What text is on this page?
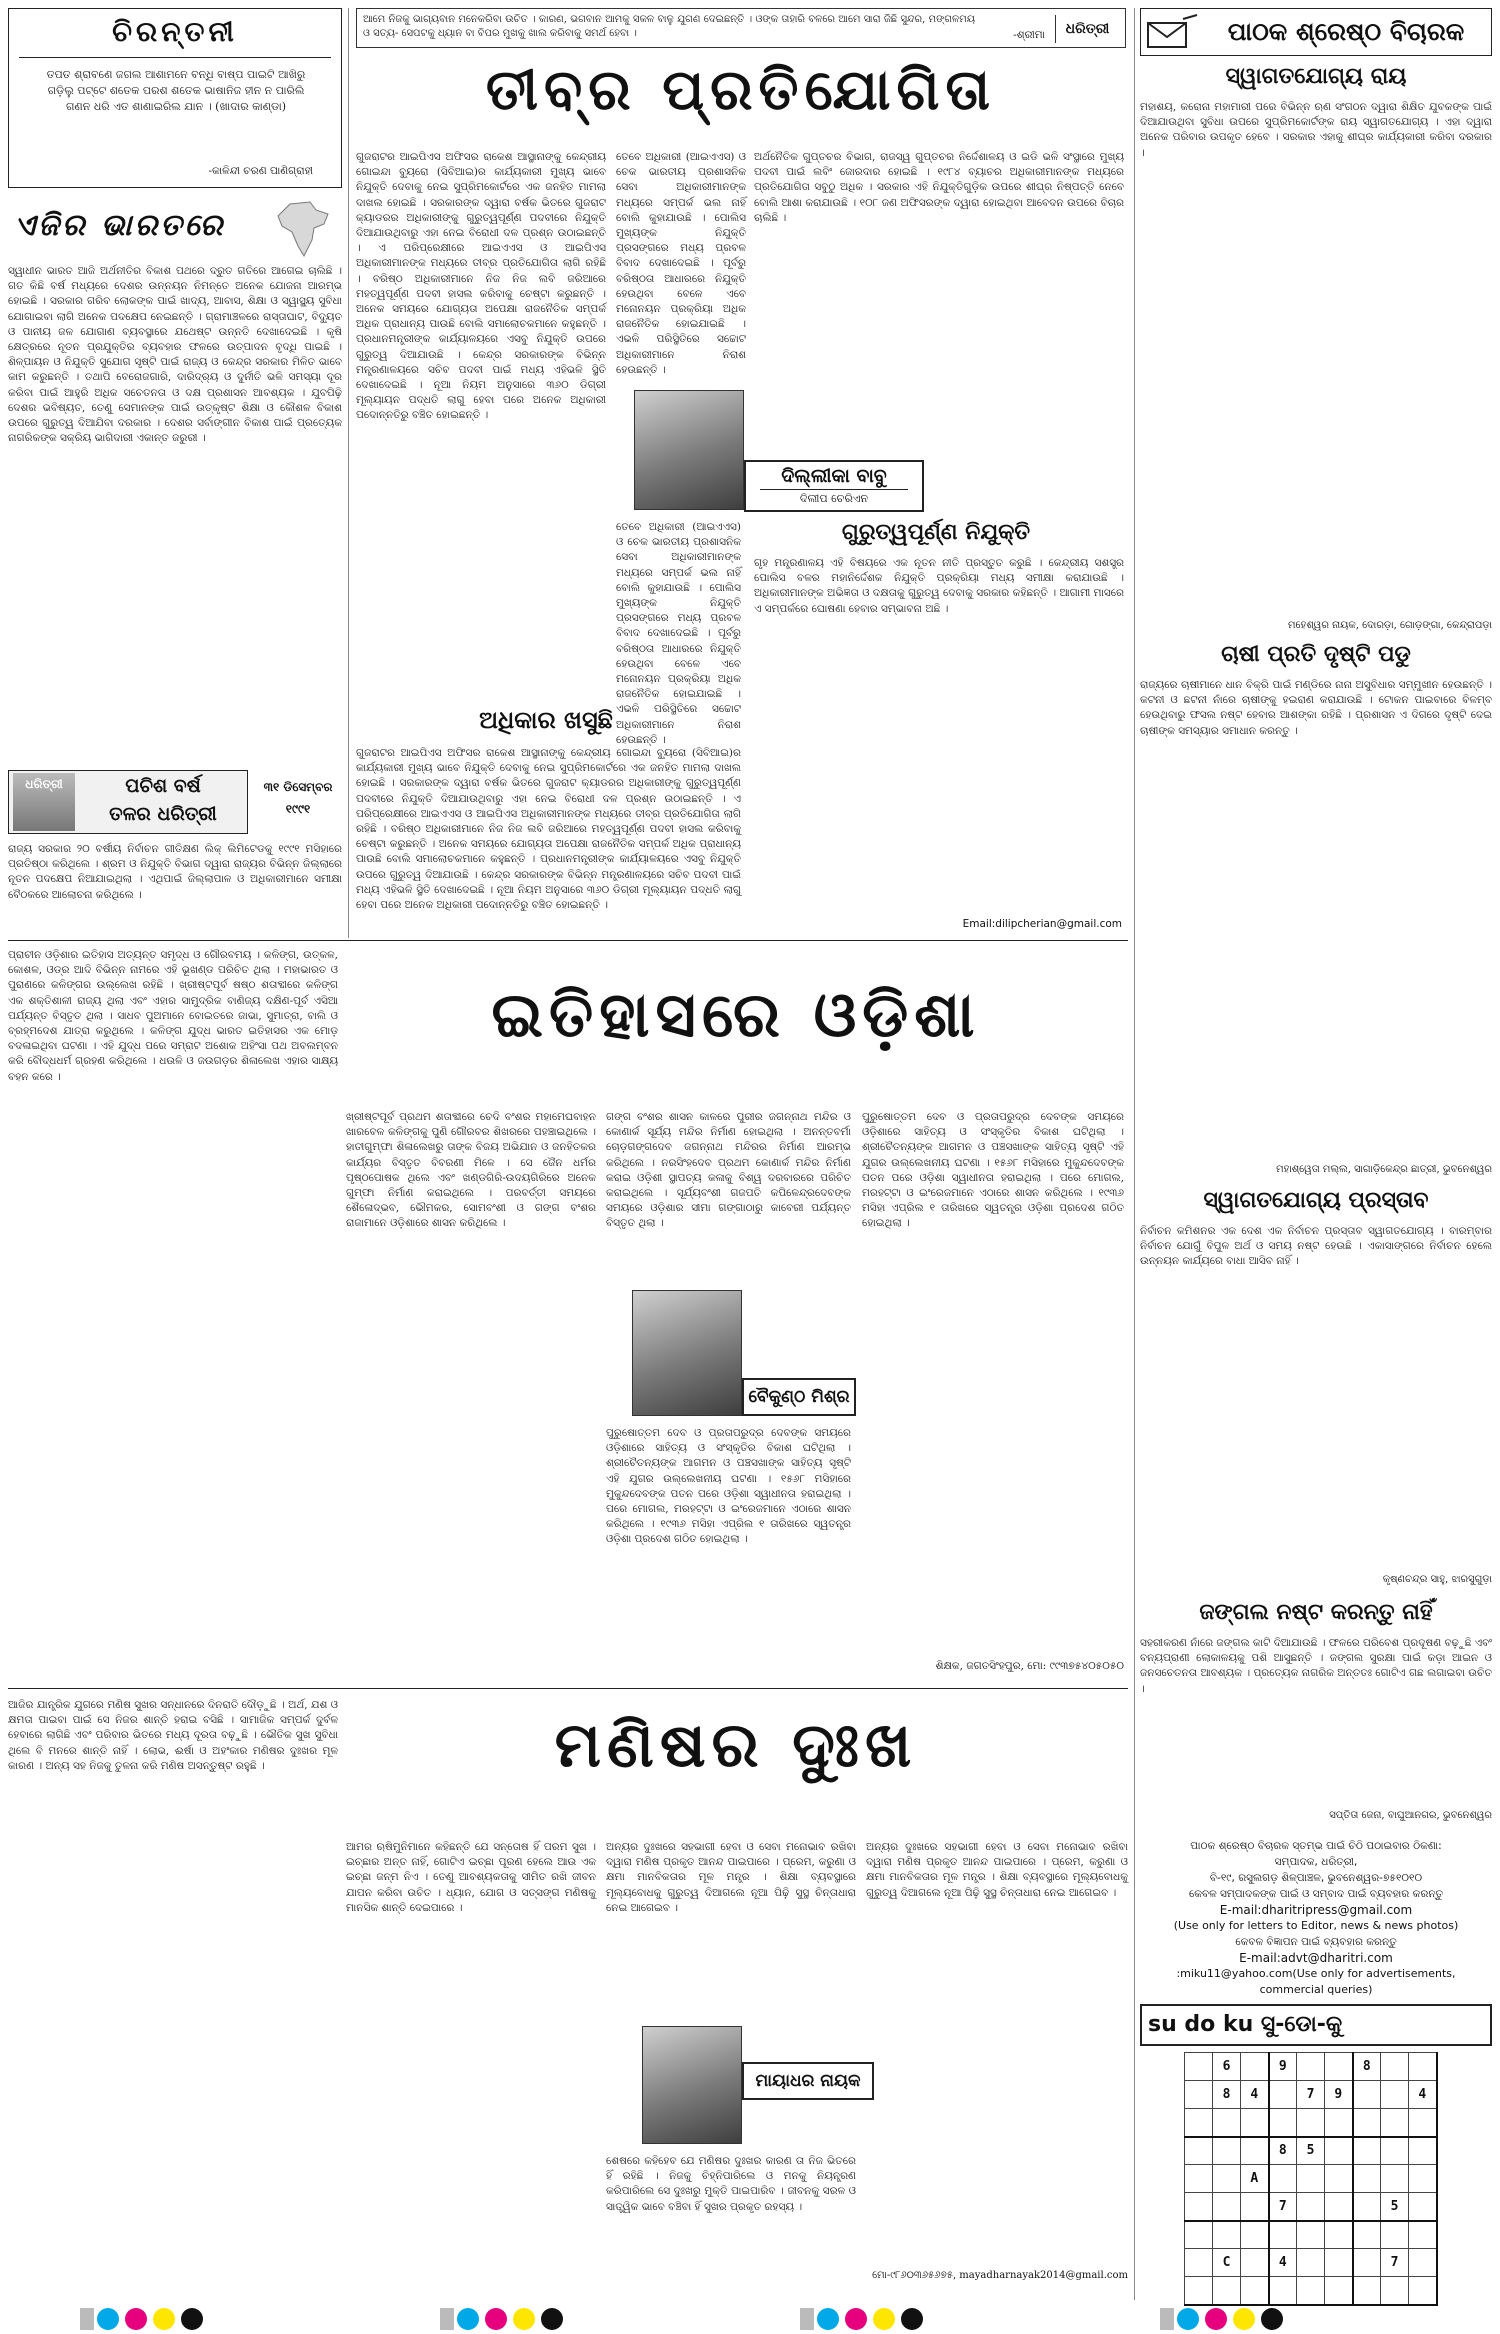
ଆମେ ନିଜକୁ ଭାଗ୍ୟବାନ ମନେକରିବା ଉଚିତ । କାରଣ, ଭଗବାନ ଆମକୁ ସକଳ ବାଳୁ ଯୁଗଣ ଦେଇଛନ୍ତି । ଓଙ୍କ ତାହାରି ବଳରେ ଆମେ ସାରା ଜିଛି ସୁନ୍ଦର, ମଙ୍ଗଳମୟ ଓ ସତ୍ୟ- ସେପଟକୁ ଧ୍ୟାନ ବା ବିପର ମୁଖକୁ ଖାଲ କରିବାକୁ ସମର୍ଥ ହେବା ।	-ଶ୍ରୀମା	ଧରିତ୍ରୀ
ଚିରନ୍ତନୀ
ତପତ ଶ୍ରାବଣେ ଜଗଲ ଆଶାମନେ ବନ୍ଧି ବାଷ୍ପ ପାଇଟି ଆଖିରୁ ଗଡ଼ିଲୁ ପଟ୍ଟେ ଶତେକ ପରଶ ଶତେକ ଭାଷାନିଜ ହୀନ ନ ପାରିଲି ଗଣନ ଧରି ଏତ ଶାଣାଇରିଲ ଯାନ । (ଖାଦାର କାଣ୍ଡା)
-କାଳିନ୍ଦୀ ଚରଣ ପାଣିଗ୍ରାହୀ
ଏଜିର ଭାରତରେ
ସ୍ୱାଧୀନ ଭାରତ ଆଜି ଅର୍ଥନୀତିର ବିକାଶ ପଥରେ ଦ୍ରୁତ ଗତିରେ ଆଗେଇ ଚାଲିଛି । ଗତ କିଛି ବର୍ଷ ମଧ୍ୟରେ ଦେଶର ଉନ୍ନୟନ ନିମନ୍ତେ ଅନେକ ଯୋଜନା ଆରମ୍ଭ ହୋଇଛି । ସରକାର ଗରିବ ଲୋକଙ୍କ ପାଇଁ ଖାଦ୍ୟ, ଆବାସ, ଶିକ୍ଷା ଓ ସ୍ୱାସ୍ଥ୍ୟ ସୁବିଧା ଯୋଗାଇବା ଲାଗି ଅନେକ ପଦକ୍ଷେପ ନେଇଛନ୍ତି । ଗ୍ରାମାଞ୍ଚଳରେ ରାସ୍ତାଘାଟ, ବିଦ୍ୟୁତ ଓ ପାନୀୟ ଜଳ ଯୋଗାଣ ବ୍ୟବସ୍ଥାରେ ଯଥେଷ୍ଟ ଉନ୍ନତି ଦେଖାଦେଇଛି । କୃଷି କ୍ଷେତ୍ରରେ ନୂତନ ପ୍ରଯୁକ୍ତିର ବ୍ୟବହାର ଫଳରେ ଉତ୍ପାଦନ ବୃଦ୍ଧି ପାଇଛି । ଶିଳ୍ପାୟନ ଓ ନିଯୁକ୍ତି ସୁଯୋଗ ସୃଷ୍ଟି ପାଇଁ ରାଜ୍ୟ ଓ କେନ୍ଦ୍ର ସରକାର ମିଳିତ ଭାବେ କାମ କରୁଛନ୍ତି । ତଥାପି ବେରୋଜଗାରି, ଦାରିଦ୍ର୍ୟ ଓ ଦୁର୍ନୀତି ଭଳି ସମସ୍ୟା ଦୂର କରିବା ପାଇଁ ଆହୁରି ଅଧିକ ସଚେତନତା ଓ ଦକ୍ଷ ପ୍ରଶାସନ ଆବଶ୍ୟକ । ଯୁବପିଢ଼ି ଦେଶର ଭବିଷ୍ୟତ, ତେଣୁ ସେମାନଙ୍କ ପାଇଁ ଉତ୍କୃଷ୍ଟ ଶିକ୍ଷା ଓ କୌଶଳ ବିକାଶ ଉପରେ ଗୁରୁତ୍ୱ ଦିଆଯିବା ଦରକାର । ଦେଶର ସର୍ବାଙ୍ଗୀନ ବିକାଶ ପାଇଁ ପ୍ରତ୍ୟେକ ନାଗରିକଙ୍କ ସକ୍ରିୟ ଭାଗିଦାରୀ ଏକାନ୍ତ ଜରୁରୀ ।
ଧରିତ୍ରୀ	ପଚିଶ ବର୍ଷ
ତଳର ଧରିତ୍ରୀ
୩୧ ଡିସେମ୍ବର
୧୯୯୧
ରାଜ୍ୟ ସରକାର ୨୦ ବର୍ଷୀୟ ନିର୍ବାଚନ ଗୀତିକ୍ଷଣ ଲିକ୍ ଲିମିଟେଡକୁ ୧୯୯୧ ମସିହାରେ ପ୍ରତିଷ୍ଠା କରିଥିଲେ । ଶ୍ରମ ଓ ନିଯୁକ୍ତି ବିଭାଗ ଦ୍ୱାରା ରାଜ୍ୟର ବିଭିନ୍ନ ଜିଲ୍ଲାରେ ନୂତନ ପଦକ୍ଷେପ ନିଆଯାଇଥିଲା । ଏଥିପାଇଁ ଜିଲ୍ଲାପାଳ ଓ ଅଧିକାରୀମାନେ ସମୀକ୍ଷା ବୈଠକରେ ଆଲୋଚନା କରିଥିଲେ ।
ତୀବ୍ର ପ୍ରତିଯୋଗିତା
ଗୁଜରାଟର ଆଇପିଏସ ଅଫିସର ରାକେଶ ଆସ୍ଥାନାଙ୍କୁ କେନ୍ଦ୍ରୀୟ ଗୋଇନ୍ଦା ବ୍ୟୁରୋ (ସିବିଆଇ)ର କାର୍ଯ୍ୟକାରୀ ମୁଖ୍ୟ ଭାବେ ନିଯୁକ୍ତି ଦେବାକୁ ନେଇ ସୁପ୍ରିମକୋର୍ଟରେ ଏକ ଜନହିତ ମାମଲା ଦାଖଲ ହୋଇଛି । ସରକାରଙ୍କ ଦ୍ୱାରା ବର୍ଷକ ଭିତରେ ଗୁଜରାଟ କ୍ୟାଡରର ଅଧିକାରୀଙ୍କୁ ଗୁରୁତ୍ୱପୂର୍ଣ୍ଣ ପଦବୀରେ ନିଯୁକ୍ତି ଦିଆଯାଉଥିବାରୁ ଏହା ନେଇ ବିରୋଧୀ ଦଳ ପ୍ରଶ୍ନ ଉଠାଇଛନ୍ତି । ଏ ପରିପ୍ରେକ୍ଷୀରେ ଆଇଏଏସ ଓ ଆଇପିଏସ ଅଧିକାରୀମାନଙ୍କ ମଧ୍ୟରେ ତୀବ୍ର ପ୍ରତିଯୋଗିତା ଲାଗି ରହିଛି । ବରିଷ୍ଠ ଅଧିକାରୀମାନେ ନିଜ ନିଜ ଲବି ଜରିଆରେ ମହତ୍ୱପୂର୍ଣ୍ଣ ପଦବୀ ହାସଲ କରିବାକୁ ଚେଷ୍ଟା କରୁଛନ୍ତି । ଅନେକ ସମୟରେ ଯୋଗ୍ୟତା ଅପେକ୍ଷା ରାଜନୈତିକ ସମ୍ପର୍କ ଅଧିକ ପ୍ରାଧାନ୍ୟ ପାଉଛି ବୋଲି ସମାଲୋଚକମାନେ କହୁଛନ୍ତି । ପ୍ରଧାନମନ୍ତ୍ରୀଙ୍କ କାର୍ଯ୍ୟାଳୟରେ ଏସବୁ ନିଯୁକ୍ତି ଉପରେ ଗୁରୁତ୍ୱ ଦିଆଯାଉଛି । କେନ୍ଦ୍ର ସରକାରଙ୍କ ବିଭିନ୍ନ ମନ୍ତ୍ରଣାଳୟରେ ସଚିବ ପଦବୀ ପାଇଁ ମଧ୍ୟ ଏହିଭଳି ସ୍ଥିତି ଦେଖାଦେଇଛି । ନୂଆ ନିୟମ ଅନୁସାରେ ୩୬୦ ଡିଗ୍ରୀ ମୂଲ୍ୟାୟନ ପଦ୍ଧତି ଲାଗୁ ହେବା ପରେ ଅନେକ ଅଧିକାରୀ ପଦୋନ୍ନତିରୁ ବଞ୍ଚିତ ହୋଇଛନ୍ତି ।
ତେବେ ଅଧିକାରୀ (ଆଇଏଏସ) ଓ ଚେକ ଭାରତୀୟ ପ୍ରଶାସନିକ ସେବା ଅଧିକାରୀମାନଙ୍କ ମଧ୍ୟରେ ସମ୍ପର୍କ ଭଲ ନାହିଁ ବୋଲି କୁହାଯାଉଛି । ପୋଲିସ ମୁଖ୍ୟଙ୍କ ନିଯୁକ୍ତି ପ୍ରସଙ୍ଗରେ ମଧ୍ୟ ପ୍ରବଳ ବିବାଦ ଦେଖାଦେଇଛି । ପୂର୍ବରୁ ବରିଷ୍ଠତା ଆଧାରରେ ନିଯୁକ୍ତି ହେଉଥିବା ବେଳେ ଏବେ ମନୋନୟନ ପ୍ରକ୍ରିୟା ଅଧିକ ରାଜନୈତିକ ହୋଇଯାଇଛି । ଏଭଳି ପରିସ୍ଥିତିରେ ସଚ୍ଚୋଟ ଅଧିକାରୀମାନେ ନିରାଶ ହେଉଛନ୍ତି ।
ଦିଲ୍ଲୀକା ବାବୁ
ଦିଲୀପ ଚେରିଏନ
ଅର୍ଥନୈତିକ ଗୁପ୍ତଚର ବିଭାଗ, ରାଜସ୍ୱ ଗୁପ୍ତଚର ନିର୍ଦ୍ଦେଶାଳୟ ଓ ଇଡି ଭଳି ସଂସ୍ଥାରେ ମୁଖ୍ୟ ପଦବୀ ପାଇଁ ଲବିଂ ଜୋରଦାର ହୋଇଛି । ୧୯୮୪ ବ୍ୟାଚର ଅଧିକାରୀମାନଙ୍କ ମଧ୍ୟରେ ପ୍ରତିଯୋଗିତା ସବୁଠୁ ଅଧିକ । ସରକାର ଏହି ନିଯୁକ୍ତିଗୁଡ଼ିକ ଉପରେ ଶୀଘ୍ର ନିଷ୍ପତ୍ତି ନେବେ ବୋଲି ଆଶା କରାଯାଉଛି । ୧୦୮ ଜଣ ଅଫିସରଙ୍କ ଦ୍ୱାରା ହୋଇଥିବା ଆବେଦନ ଉପରେ ବିଚାର ଚାଲିଛି ।
ତେବେ ଅଧିକାରୀ (ଆଇଏଏସ) ଓ ଚେକ ଭାରତୀୟ ପ୍ରଶାସନିକ ସେବା ଅଧିକାରୀମାନଙ୍କ ମଧ୍ୟରେ ସମ୍ପର୍କ ଭଲ ନାହିଁ ବୋଲି କୁହାଯାଉଛି । ପୋଲିସ ମୁଖ୍ୟଙ୍କ ନିଯୁକ୍ତି ପ୍ରସଙ୍ଗରେ ମଧ୍ୟ ପ୍ରବଳ ବିବାଦ ଦେଖାଦେଇଛି । ପୂର୍ବରୁ ବରିଷ୍ଠତା ଆଧାରରେ ନିଯୁକ୍ତି ହେଉଥିବା ବେଳେ ଏବେ ମନୋନୟନ ପ୍ରକ୍ରିୟା ଅଧିକ ରାଜନୈତିକ ହୋଇଯାଇଛି । ଏଭଳି ପରିସ୍ଥିତିରେ ସଚ୍ଚୋଟ ଅଧିକାରୀମାନେ ନିରାଶ ହେଉଛନ୍ତି ।
ଗୁରୁତ୍ୱପୂର୍ଣ୍ଣ ନିଯୁକ୍ତି
ଗୃହ ମନ୍ତ୍ରଣାଳୟ ଏହି ବିଷୟରେ ଏକ ନୂତନ ନୀତି ପ୍ରସ୍ତୁତ କରୁଛି । କେନ୍ଦ୍ରୀୟ ସଶସ୍ତ୍ର ପୋଲିସ ବଳର ମହାନିର୍ଦ୍ଦେଶକ ନିଯୁକ୍ତି ପ୍ରକ୍ରିୟା ମଧ୍ୟ ସମୀକ୍ଷା କରାଯାଉଛି । ଅଧିକାରୀମାନଙ୍କ ଅଭିଜ୍ଞତା ଓ ଦକ୍ଷତାକୁ ଗୁରୁତ୍ୱ ଦେବାକୁ ସରକାର କହିଛନ୍ତି । ଆଗାମୀ ମାସରେ ଏ ସମ୍ପର୍କରେ ଘୋଷଣା ହେବାର ସମ୍ଭାବନା ଅଛି ।
ଅଧିକାର ଖସୁଛି
ଗୁଜରାଟର ଆଇପିଏସ ଅଫିସର ରାକେଶ ଆସ୍ଥାନାଙ୍କୁ କେନ୍ଦ୍ରୀୟ ଗୋଇନ୍ଦା ବ୍ୟୁରୋ (ସିବିଆଇ)ର କାର୍ଯ୍ୟକାରୀ ମୁଖ୍ୟ ଭାବେ ନିଯୁକ୍ତି ଦେବାକୁ ନେଇ ସୁପ୍ରିମକୋର୍ଟରେ ଏକ ଜନହିତ ମାମଲା ଦାଖଲ ହୋଇଛି । ସରକାରଙ୍କ ଦ୍ୱାରା ବର୍ଷକ ଭିତରେ ଗୁଜରାଟ କ୍ୟାଡରର ଅଧିକାରୀଙ୍କୁ ଗୁରୁତ୍ୱପୂର୍ଣ୍ଣ ପଦବୀରେ ନିଯୁକ୍ତି ଦିଆଯାଉଥିବାରୁ ଏହା ନେଇ ବିରୋଧୀ ଦଳ ପ୍ରଶ୍ନ ଉଠାଇଛନ୍ତି । ଏ ପରିପ୍ରେକ୍ଷୀରେ ଆଇଏଏସ ଓ ଆଇପିଏସ ଅଧିକାରୀମାନଙ୍କ ମଧ୍ୟରେ ତୀବ୍ର ପ୍ରତିଯୋଗିତା ଲାଗି ରହିଛି । ବରିଷ୍ଠ ଅଧିକାରୀମାନେ ନିଜ ନିଜ ଲବି ଜରିଆରେ ମହତ୍ୱପୂର୍ଣ୍ଣ ପଦବୀ ହାସଲ କରିବାକୁ ଚେଷ୍ଟା କରୁଛନ୍ତି । ଅନେକ ସମୟରେ ଯୋଗ୍ୟତା ଅପେକ୍ଷା ରାଜନୈତିକ ସମ୍ପର୍କ ଅଧିକ ପ୍ରାଧାନ୍ୟ ପାଉଛି ବୋଲି ସମାଲୋଚକମାନେ କହୁଛନ୍ତି । ପ୍ରଧାନମନ୍ତ୍ରୀଙ୍କ କାର୍ଯ୍ୟାଳୟରେ ଏସବୁ ନିଯୁକ୍ତି ଉପରେ ଗୁରୁତ୍ୱ ଦିଆଯାଉଛି । କେନ୍ଦ୍ର ସରକାରଙ୍କ ବିଭିନ୍ନ ମନ୍ତ୍ରଣାଳୟରେ ସଚିବ ପଦବୀ ପାଇଁ ମଧ୍ୟ ଏହିଭଳି ସ୍ଥିତି ଦେଖାଦେଇଛି । ନୂଆ ନିୟମ ଅନୁସାରେ ୩୬୦ ଡିଗ୍ରୀ ମୂଲ୍ୟାୟନ ପଦ୍ଧତି ଲାଗୁ ହେବା ପରେ ଅନେକ ଅଧିକାରୀ ପଦୋନ୍ନତିରୁ ବଞ୍ଚିତ ହୋଇଛନ୍ତି ।
Email:dilipcherian@gmail.com
ପ୍ରାଚୀନ ଓଡ଼ିଶାର ଇତିହାସ ଅତ୍ୟନ୍ତ ସମୃଦ୍ଧ ଓ ଗୌରବମୟ । କଳିଙ୍ଗ, ଉତ୍କଳ, କୋଶଳ, ଓଡ୍ର ଆଦି ବିଭିନ୍ନ ନାମରେ ଏହି ଭୂଖଣ୍ଡ ପରିଚିତ ଥିଲା । ମହାଭାରତ ଓ ପୁରାଣରେ କଳିଙ୍ଗର ଉଲ୍ଲେଖ ରହିଛି । ଖ୍ରୀଷ୍ଟପୂର୍ବ ଷଷ୍ଠ ଶତାବ୍ଦୀରେ କଳିଙ୍ଗ ଏକ ଶକ୍ତିଶାଳୀ ରାଜ୍ୟ ଥିଲା ଏବଂ ଏହାର ସାମୁଦ୍ରିକ ବାଣିଜ୍ୟ ଦକ୍ଷିଣ-ପୂର୍ବ ଏସିଆ ପର୍ଯ୍ୟନ୍ତ ବିସ୍ତୃତ ଥିଲା । ସାଧବ ପୁଅମାନେ ବୋଇତରେ ଜାଭା, ସୁମାତ୍ରା, ବାଲି ଓ ବ୍ରହ୍ମଦେଶ ଯାତ୍ରା କରୁଥିଲେ । କଳିଙ୍ଗ ଯୁଦ୍ଧ ଭାରତ ଇତିହାସର ଏକ ମୋଡ଼ ବଦଳାଇଥିବା ଘଟଣା । ଏହି ଯୁଦ୍ଧ ପରେ ସମ୍ରାଟ ଅଶୋକ ଅହିଂସା ପଥ ଅବଲମ୍ବନ କରି ବୌଦ୍ଧଧର୍ମ ଗ୍ରହଣ କରିଥିଲେ । ଧଉଳି ଓ ଜଉଗଡ଼ର ଶିଳାଲେଖ ଏହାର ସାକ୍ଷ୍ୟ ବହନ କରେ ।
ଇତିହାସରେ ଓଡ଼ିଶା
ଖ୍ରୀଷ୍ଟପୂର୍ବ ପ୍ରଥମ ଶତାବ୍ଦୀରେ ଚେଦି ବଂଶର ମହାମେଘବାହନ ଖାରବେଳ କଳିଙ୍ଗକୁ ପୁଣି ଗୌରବର ଶିଖରରେ ପହଞ୍ଚାଇଥିଲେ । ହାତୀଗୁମ୍ଫା ଶିଳାଲେଖରୁ ତାଙ୍କ ବିଜୟ ଅଭିଯାନ ଓ ଜନହିତକର କାର୍ଯ୍ୟର ବିସ୍ତୃତ ବିବରଣୀ ମିଳେ । ସେ ଜୈନ ଧର୍ମର ପୃଷ୍ଠପୋଷକ ଥିଲେ ଏବଂ ଖଣ୍ଡଗିରି-ଉଦୟଗିରିରେ ଅନେକ ଗୁମ୍ଫା ନିର୍ମାଣ କରାଇଥିଲେ । ପରବର୍ତ୍ତୀ ସମୟରେ ଶୈଳୋଦ୍ଭବ, ଭୌମକର, ସୋମବଂଶୀ ଓ ଗଙ୍ଗ ବଂଶର ରାଜାମାନେ ଓଡ଼ିଶାରେ ଶାସନ କରିଥିଲେ ।
ଗଙ୍ଗ ବଂଶର ଶାସନ କାଳରେ ପୁରୀର ଜଗନ୍ନାଥ ମନ୍ଦିର ଓ କୋଣାର୍କ ସୂର୍ଯ୍ୟ ମନ୍ଦିର ନିର୍ମାଣ ହୋଇଥିଲା । ଅନନ୍ତବର୍ମା ଚୋଡ଼ଗଙ୍ଗଦେବ ଜଗନ୍ନାଥ ମନ୍ଦିରର ନିର୍ମାଣ ଆରମ୍ଭ କରିଥିଲେ । ନରସିଂହଦେବ ପ୍ରଥମ କୋଣାର୍କ ମନ୍ଦିର ନିର୍ମାଣ କରାଇ ଓଡ଼ିଶୀ ସ୍ଥାପତ୍ୟ କଳାକୁ ବିଶ୍ୱ ଦରବାରରେ ପରିଚିତ କରାଇଥିଲେ । ସୂର୍ଯ୍ୟବଂଶୀ ଗଜପତି କପିଳେନ୍ଦ୍ରଦେବଙ୍କ ସମୟରେ ଓଡ଼ିଶାର ସୀମା ଗଙ୍ଗାଠାରୁ କାବେରୀ ପର୍ଯ୍ୟନ୍ତ ବିସ୍ତୃତ ଥିଲା ।
ବୈକୁଣ୍ଠ ମିଶ୍ର
ପୁରୁଷୋତ୍ତମ ଦେବ ଓ ପ୍ରତାପରୁଦ୍ର ଦେବଙ୍କ ସମୟରେ ଓଡ଼ିଶାରେ ସାହିତ୍ୟ ଓ ସଂସ୍କୃତିର ବିକାଶ ଘଟିଥିଲା । ଶ୍ରୀଚୈତନ୍ୟଙ୍କ ଆଗମନ ଓ ପଞ୍ଚସଖାଙ୍କ ସାହିତ୍ୟ ସୃଷ୍ଟି ଏହି ଯୁଗର ଉଲ୍ଲେଖନୀୟ ଘଟଣା । ୧୫୬୮ ମସିହାରେ ମୁକୁନ୍ଦଦେବଙ୍କ ପତନ ପରେ ଓଡ଼ିଶା ସ୍ୱାଧୀନତା ହରାଇଥିଲା । ପରେ ମୋଗଲ, ମରହଟ୍ଟା ଓ ଇଂରେଜମାନେ ଏଠାରେ ଶାସନ କରିଥିଲେ । ୧୯୩୬ ମସିହା ଏପ୍ରିଲ ୧ ତାରିଖରେ ସ୍ୱତନ୍ତ୍ର ଓଡ଼ିଶା ପ୍ରଦେଶ ଗଠିତ ହୋଇଥିଲା ।
ପୁରୁଷୋତ୍ତମ ଦେବ ଓ ପ୍ରତାପରୁଦ୍ର ଦେବଙ୍କ ସମୟରେ ଓଡ଼ିଶାରେ ସାହିତ୍ୟ ଓ ସଂସ୍କୃତିର ବିକାଶ ଘଟିଥିଲା । ଶ୍ରୀଚୈତନ୍ୟଙ୍କ ଆଗମନ ଓ ପଞ୍ଚସଖାଙ୍କ ସାହିତ୍ୟ ସୃଷ୍ଟି ଏହି ଯୁଗର ଉଲ୍ଲେଖନୀୟ ଘଟଣା । ୧୫୬୮ ମସିହାରେ ମୁକୁନ୍ଦଦେବଙ୍କ ପତନ ପରେ ଓଡ଼ିଶା ସ୍ୱାଧୀନତା ହରାଇଥିଲା । ପରେ ମୋଗଲ, ମରହଟ୍ଟା ଓ ଇଂରେଜମାନେ ଏଠାରେ ଶାସନ କରିଥିଲେ । ୧୯୩୬ ମସିହା ଏପ୍ରିଲ ୧ ତାରିଖରେ ସ୍ୱତନ୍ତ୍ର ଓଡ଼ିଶା ପ୍ରଦେଶ ଗଠିତ ହୋଇଥିଲା ।
ଶିକ୍ଷକ, ଜଗତସିଂହପୁର, ମୋ: ୯୯୩୭୫୪୦୫୦୫୦
ଆଜିର ଯାନ୍ତ୍ରିକ ଯୁଗରେ ମଣିଷ ସୁଖର ସନ୍ଧାନରେ ଦିନରାତି ଦୌଡ଼ୁଛି । ଅର୍ଥ, ଯଶ ଓ କ୍ଷମତା ପାଇବା ପାଇଁ ସେ ନିଜର ଶାନ୍ତି ହରାଇ ବସିଛି । ସାମାଜିକ ସମ୍ପର୍କ ଦୁର୍ବଳ ହେବାରେ ଲାଗିଛି ଏବଂ ପରିବାର ଭିତରେ ମଧ୍ୟ ଦୂରତା ବଢ଼ୁଛି । ଭୌତିକ ସୁଖ ସୁବିଧା ଥିଲେ ବି ମନରେ ଶାନ୍ତି ନାହିଁ । ଲୋଭ, ଈର୍ଷା ଓ ଅହଂକାର ମଣିଷର ଦୁଃଖର ମୂଳ କାରଣ । ଅନ୍ୟ ସହ ନିଜକୁ ତୁଳନା କରି ମଣିଷ ଅସନ୍ତୁଷ୍ଟ ରହୁଛି ।	ମଣିଷର ଦୁଃଖ
ଆମର ଋଷିମୁନିମାନେ କହିଛନ୍ତି ଯେ ସନ୍ତୋଷ ହିଁ ପରମ ସୁଖ । ଇଚ୍ଛାର ଅନ୍ତ ନାହିଁ, ଗୋଟିଏ ଇଚ୍ଛା ପୂରଣ ହେଲେ ଆଉ ଏକ ଇଚ୍ଛା ଜନ୍ମ ନିଏ । ତେଣୁ ଆବଶ୍ୟକତାକୁ ସୀମିତ ରଖି ଜୀବନ ଯାପନ କରିବା ଉଚିତ । ଧ୍ୟାନ, ଯୋଗ ଓ ସତ୍ସଙ୍ଗ ମଣିଷକୁ ମାନସିକ ଶାନ୍ତି ଦେଇପାରେ ।
ଅନ୍ୟର ଦୁଃଖରେ ସହଭାଗୀ ହେବା ଓ ସେବା ମନୋଭାବ ରଖିବା ଦ୍ୱାରା ମଣିଷ ପ୍ରକୃତ ଆନନ୍ଦ ପାଇପାରେ । ପ୍ରେମ, କରୁଣା ଓ କ୍ଷମା ମାନବିକତାର ମୂଳ ମନ୍ତ୍ର । ଶିକ୍ଷା ବ୍ୟବସ୍ଥାରେ ମୂଲ୍ୟବୋଧକୁ ଗୁରୁତ୍ୱ ଦିଆଗଲେ ନୂଆ ପିଢ଼ି ସୁସ୍ଥ ଚିନ୍ତାଧାରା ନେଇ ଆଗେଇବ ।
ମାୟାଧର ନାୟକ
ଶେଷରେ କହିହେବ ଯେ ମଣିଷର ଦୁଃଖର କାରଣ ତା ନିଜ ଭିତରେ ହିଁ ରହିଛି । ନିଜକୁ ଚିହ୍ନିପାରିଲେ ଓ ମନକୁ ନିୟନ୍ତ୍ରଣ କରିପାରିଲେ ସେ ଦୁଃଖରୁ ମୁକ୍ତି ପାଇପାରିବ । ଜୀବନକୁ ସରଳ ଓ ସାତ୍ତ୍ୱିକ ଭାବେ ବଞ୍ଚିବା ହିଁ ସୁଖର ପ୍ରକୃତ ରହସ୍ୟ ।
ଅନ୍ୟର ଦୁଃଖରେ ସହଭାଗୀ ହେବା ଓ ସେବା ମନୋଭାବ ରଖିବା ଦ୍ୱାରା ମଣିଷ ପ୍ରକୃତ ଆନନ୍ଦ ପାଇପାରେ । ପ୍ରେମ, କରୁଣା ଓ କ୍ଷମା ମାନବିକତାର ମୂଳ ମନ୍ତ୍ର । ଶିକ୍ଷା ବ୍ୟବସ୍ଥାରେ ମୂଲ୍ୟବୋଧକୁ ଗୁରୁତ୍ୱ ଦିଆଗଲେ ନୂଆ ପିଢ଼ି ସୁସ୍ଥ ଚିନ୍ତାଧାରା ନେଇ ଆଗେଇବ ।
ମୋ-୯୮୬୦୩୬୫୬୭୫, mayadharnayak2014@gmail.com
ପାଠକ ଶ୍ରେଷ୍ଠ ବିଚାରକ
ସ୍ୱାଗତଯୋଗ୍ୟ ରାୟ
ମହାଶୟ, କରୋନା ମହାମାରୀ ପରେ ବିଭିନ୍ନ ଋଣ ସଂଗଠନ ଦ୍ୱାରା ଶିକ୍ଷିତ ଯୁବକଙ୍କ ପାଇଁ ଦିଆଯାଉଥିବା ସୁବିଧା ଉପରେ ସୁପ୍ରିମକୋର୍ଟଙ୍କ ରାୟ ସ୍ୱାଗତଯୋଗ୍ୟ । ଏହା ଦ୍ୱାରା ଅନେକ ପରିବାର ଉପକୃତ ହେବେ । ସରକାର ଏହାକୁ ଶୀଘ୍ର କାର୍ଯ୍ୟକାରୀ କରିବା ଦରକାର ।
ମହେଶ୍ୱର ନାୟକ, ଦୋରଡ଼ା, ଗୋଡ଼ଙ୍ଗା, କେନ୍ଦ୍ରାପଡ଼ା
ଚାଷୀ ପ୍ରତି ଦୃଷ୍ଟି ପଡୁ
ରାଜ୍ୟରେ ଚାଷୀମାନେ ଧାନ ବିକ୍ରି ପାଇଁ ମଣ୍ଡିରେ ନାନା ଅସୁବିଧାର ସମ୍ମୁଖୀନ ହେଉଛନ୍ତି । କଟନୀ ଓ ଛଟନୀ ନାଁରେ ଚାଷୀଙ୍କୁ ହଇରାଣ କରାଯାଉଛି । ଟୋକନ ପାଇବାରେ ବିଳମ୍ବ ହେଉଥିବାରୁ ଫସଲ ନଷ୍ଟ ହେବାର ଆଶଙ୍କା ରହିଛି । ପ୍ରଶାସନ ଏ ଦିଗରେ ଦୃଷ୍ଟି ଦେଇ ଚାଷୀଙ୍କ ସମସ୍ୟାର ସମାଧାନ କରନ୍ତୁ ।
ମହାଶ୍ୱେତା ମଲ୍ଲ, ସାଗାଡ଼ିକେନ୍ଦ୍ର ଛାତ୍ରୀ, ଭୁବନେଶ୍ୱର
ସ୍ୱାଗତଯୋଗ୍ୟ ପ୍ରସ୍ତାବ
ନିର୍ବାଚନ କମିଶନର ଏକ ଦେଶ ଏକ ନିର୍ବାଚନ ପ୍ରସ୍ତାବ ସ୍ୱାଗତଯୋଗ୍ୟ । ବାରମ୍ବାର ନିର୍ବାଚନ ଯୋଗୁଁ ବିପୁଳ ଅର୍ଥ ଓ ସମୟ ନଷ୍ଟ ହେଉଛି । ଏକାସାଙ୍ଗରେ ନିର୍ବାଚନ ହେଲେ ଉନ୍ନୟନ କାର୍ଯ୍ୟରେ ବାଧା ଆସିବ ନାହିଁ ।
କୃଷ୍ଣଚନ୍ଦ୍ର ସାହୁ, ଝାରସୁଗୁଡ଼ା
ଜଙ୍ଗଲ ନଷ୍ଟ କରନ୍ତୁ ନାହିଁ
ସହରୀକରଣ ନାଁରେ ଜଙ୍ଗଲ କାଟି ଦିଆଯାଉଛି । ଫଳରେ ପରିବେଶ ପ୍ରଦୂଷଣ ବଢ଼ୁଛି ଏବଂ ବନ୍ୟପ୍ରାଣୀ ଲୋକାଳୟକୁ ପଶି ଆସୁଛନ୍ତି । ଜଙ୍ଗଲ ସୁରକ୍ଷା ପାଇଁ କଡ଼ା ଆଇନ ଓ ଜନସଚେତନତା ଆବଶ୍ୟକ । ପ୍ରତ୍ୟେକ ନାଗରିକ ଅନ୍ତତଃ ଗୋଟିଏ ଗଛ ଲଗାଇବା ଉଚିତ ।
ସପ୍ତିତା ଜେନା, ବାଘୁଆନଗର, ଭୁବନେଶ୍ୱର
ପାଠକ ଶ୍ରେଷ୍ଠ ବିଚାରକ ସ୍ତମ୍ଭ ପାଇଁ ଚିଠି ପଠାଇବାର ଠିକଣା:
ସମ୍ପାଦକ, ଧରିତ୍ରୀ,
ବି-୧୯, ରସୁଲଗଡ଼ ଶିଳ୍ପାଞ୍ଚଳ, ଭୁବନେଶ୍ୱର-୭୫୧୦୧୦
କେବଳ ସମ୍ପାଦକଙ୍କ ପାଇଁ ଓ ସମ୍ବାଦ ପାଇଁ ବ୍ୟବହାର କରନ୍ତୁ
E-mail:dharitripress@gmail.com
(Use only for letters to Editor, news & news photos)
କେବଳ ବିଜ୍ଞାପନ ପାଇଁ ବ୍ୟବହାର କରନ୍ତୁ
E-mail:advt@dharitri.com
:miku11@yahoo.com(Use only for advertisements, commercial queries)
su do ku ସୁ-ଡୋ-କୁ
	6		9			8		
	8	4		7	9			4

			8	5				
		A						
			7				5	

	C		4				7	
